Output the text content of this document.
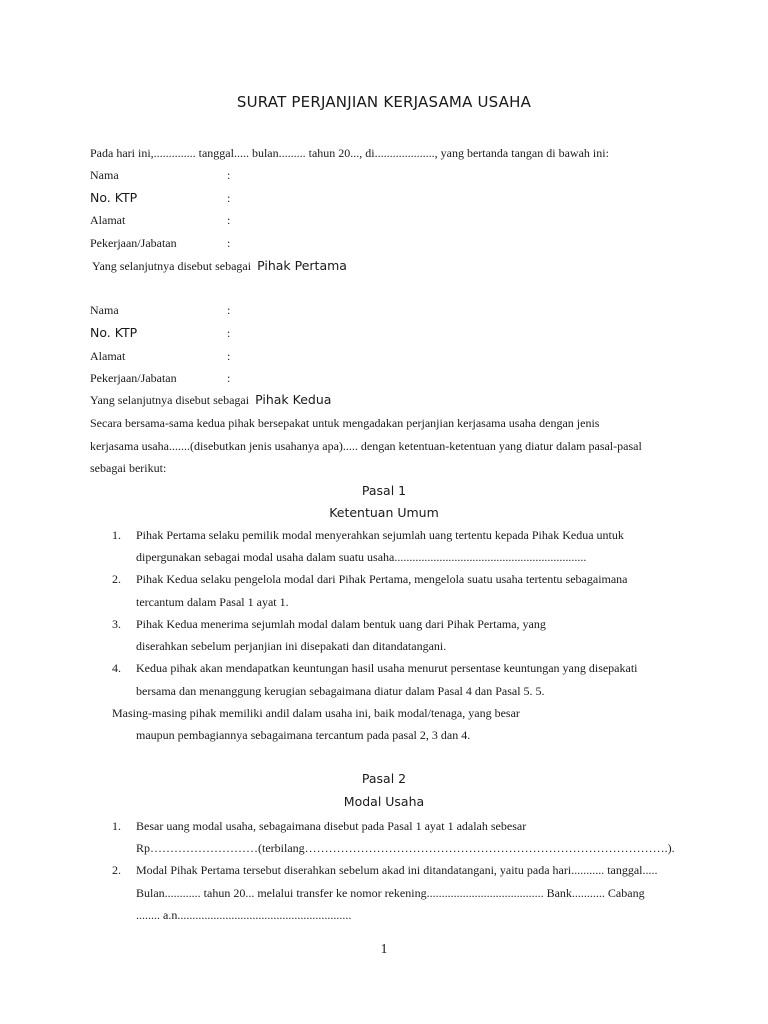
SURAT PERJANJIAN KERJASAMA USAHA
Pada hari ini,.............. tanggal..... bulan......... tahun 20..., di...................., yang bertanda tangan di bawah ini:
Nama	:
No. KTP	:
Alamat	:
Pekerjaan/Jabatan	:
Yang selanjutnya disebut sebagai Pihak Pertama
Nama	:
No. KTP	:
Alamat	:
Pekerjaan/Jabatan	:
Yang selanjutnya disebut sebagai Pihak Kedua
Secara bersama-sama kedua pihak bersepakat untuk mengadakan perjanjian kerjasama usaha dengan jenis
kerjasama usaha.......(disebutkan jenis usahanya apa)..... dengan ketentuan-ketentuan yang diatur dalam pasal-pasal
sebagai berikut:
Pasal 1
Ketentuan Umum
1. Pihak Pertama selaku pemilik modal menyerahkan sejumlah uang tertentu kepada Pihak Kedua untuk
dipergunakan sebagai modal usaha dalam suatu usaha................................................................
2. Pihak Kedua selaku pengelola modal dari Pihak Pertama, mengelola suatu usaha tertentu sebagaimana
tercantum dalam Pasal 1 ayat 1.
3. Pihak Kedua menerima sejumlah modal dalam bentuk uang dari Pihak Pertama, yang
diserahkan sebelum perjanjian ini disepakati dan ditandatangani.
4. Kedua pihak akan mendapatkan keuntungan hasil usaha menurut persentase keuntungan yang disepakati
bersama dan menanggung kerugian sebagaimana diatur dalam Pasal 4 dan Pasal 5. 5.
Masing-masing pihak memiliki andil dalam usaha ini, baik modal/tenaga, yang besar
maupun pembagiannya sebagaimana tercantum pada pasal 2, 3 dan 4.
Pasal 2
Modal Usaha
1. Besar uang modal usaha, sebagaimana disebut pada Pasal 1 ayat 1 adalah sebesar
Rp………………………(terbilang……………………………………………………………………………….).
2. Modal Pihak Pertama tersebut diserahkan sebelum akad ini ditandatangani, yaitu pada hari........... tanggal.....
Bulan............ tahun 20... melalui transfer ke nomor rekening....................................... Bank........... Cabang
........ a.n..........................................................
1
